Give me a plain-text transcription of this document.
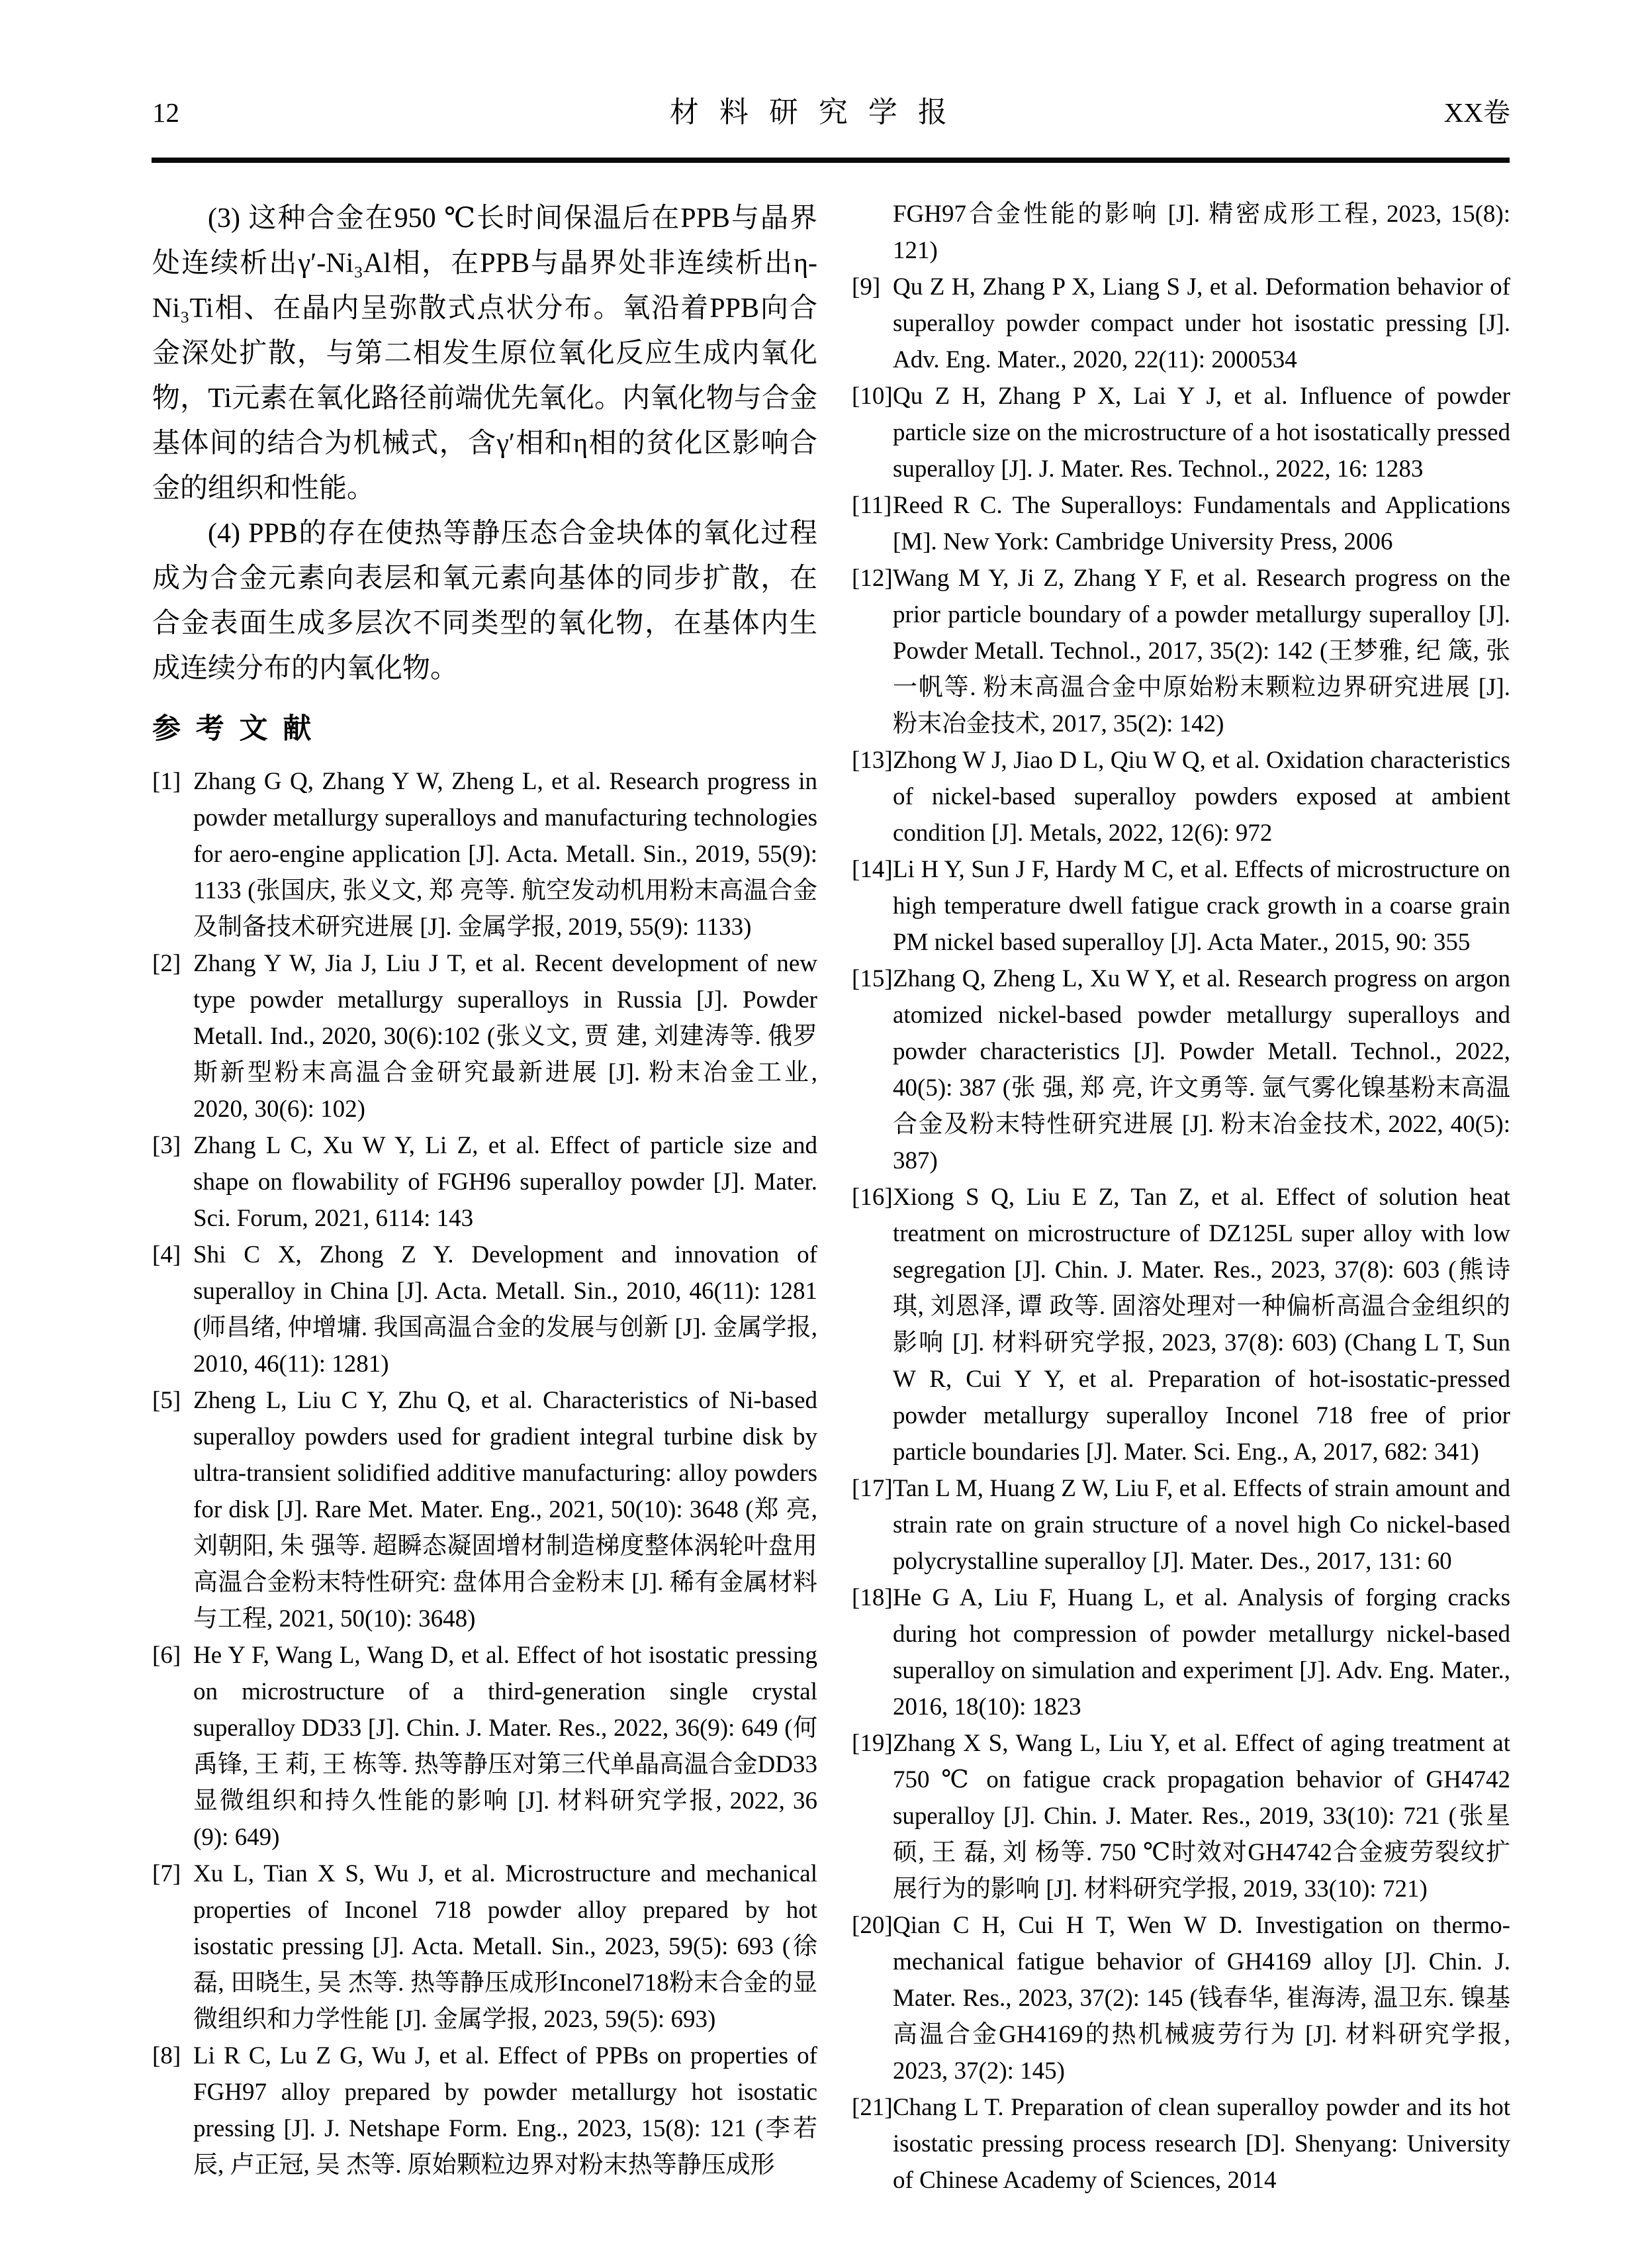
12	材 料 研 究 学 报	XX卷

(3) 这种合金在950 ℃长时间保温后在PPB与晶界处连续析出γ′-Ni₃Al相，在PPB与晶界处非连续析出η-Ni₃Ti相、在晶内呈弥散式点状分布。氧沿着PPB向合金深处扩散，与第二相发生原位氧化反应生成内氧化物，Ti元素在氧化路径前端优先氧化。内氧化物与合金基体间的结合为机械式，含γ′相和η相的贫化区影响合金的组织和性能。

(4) PPB的存在使热等静压态合金块体的氧化过程成为合金元素向表层和氧元素向基体的同步扩散，在合金表面生成多层次不同类型的氧化物，在基体内生成连续分布的内氧化物。

参 考 文 献
[1] Zhang G Q, Zhang Y W, Zheng L, et al. Research progress in powder metallurgy superalloys and manufacturing technologies for aero-engine application [J]. Acta. Metall. Sin., 2019, 55(9): 1133 (张国庆, 张义文, 郑 亮等. 航空发动机用粉末高温合金及制备技术研究进展 [J]. 金属学报, 2019, 55(9): 1133)
[2] Zhang Y W, Jia J, Liu J T, et al. Recent development of new type powder metallurgy superalloys in Russia [J]. Powder Metall. Ind., 2020, 30(6):102 (张义文, 贾 建, 刘建涛等. 俄罗斯新型粉末高温合金研究最新进展 [J]. 粉末冶金工业, 2020, 30(6): 102)
[3] Zhang L C, Xu W Y, Li Z, et al. Effect of particle size and shape on flowability of FGH96 superalloy powder [J]. Mater. Sci. Forum, 2021, 6114: 143
[4] Shi C X, Zhong Z Y. Development and innovation of superalloy in China [J]. Acta. Metall. Sin., 2010, 46(11): 1281 (师昌绪, 仲增墉. 我国高温合金的发展与创新 [J]. 金属学报, 2010, 46(11): 1281)
[5] Zheng L, Liu C Y, Zhu Q, et al. Characteristics of Ni-based superalloy powders used for gradient integral turbine disk by ultra-transient solidified additive manufacturing: alloy powders for disk [J]. Rare Met. Mater. Eng., 2021, 50(10): 3648 (郑 亮, 刘朝阳, 朱 强等. 超瞬态凝固增材制造梯度整体涡轮叶盘用高温合金粉末特性研究: 盘体用合金粉末 [J]. 稀有金属材料与工程, 2021, 50(10): 3648)
[6] He Y F, Wang L, Wang D, et al. Effect of hot isostatic pressing on microstructure of a third-generation single crystal superalloy DD33 [J]. Chin. J. Mater. Res., 2022, 36(9): 649 (何禹锋, 王 莉, 王 栋等. 热等静压对第三代单晶高温合金DD33显微组织和持久性能的影响 [J]. 材料研究学报, 2022, 36 (9): 649)
[7] Xu L, Tian X S, Wu J, et al. Microstructure and mechanical properties of Inconel 718 powder alloy prepared by hot isostatic pressing [J]. Acta. Metall. Sin., 2023, 59(5): 693 (徐 磊, 田晓生, 吴 杰等. 热等静压成形Inconel718粉末合金的显微组织和力学性能 [J]. 金属学报, 2023, 59(5): 693)
[8] Li R C, Lu Z G, Wu J, et al. Effect of PPBs on properties of FGH97 alloy prepared by powder metallurgy hot isostatic pressing [J]. J. Netshape Form. Eng., 2023, 15(8): 121 (李若辰, 卢正冠, 吴 杰等. 原始颗粒边界对粉末热等静压成形
FGH97合金性能的影响 [J]. 精密成形工程, 2023, 15(8): 121)
[9] Qu Z H, Zhang P X, Liang S J, et al. Deformation behavior of superalloy powder compact under hot isostatic pressing [J]. Adv. Eng. Mater., 2020, 22(11): 2000534
[10]Qu Z H, Zhang P X, Lai Y J, et al. Influence of powder particle size on the microstructure of a hot isostatically pressed superalloy [J]. J. Mater. Res. Technol., 2022, 16: 1283
[11]Reed R C. The Superalloys: Fundamentals and Applications [M]. New York: Cambridge University Press, 2006
[12]Wang M Y, Ji Z, Zhang Y F, et al. Research progress on the prior particle boundary of a powder metallurgy superalloy [J]. Powder Metall. Technol., 2017, 35(2): 142 (王梦雅, 纪 箴, 张一帆等. 粉末高温合金中原始粉末颗粒边界研究进展 [J]. 粉末冶金技术, 2017, 35(2): 142)
[13]Zhong W J, Jiao D L, Qiu W Q, et al. Oxidation characteristics of nickel-based superalloy powders exposed at ambient condition [J]. Metals, 2022, 12(6): 972
[14]Li H Y, Sun J F, Hardy M C, et al. Effects of microstructure on high temperature dwell fatigue crack growth in a coarse grain PM nickel based superalloy [J]. Acta Mater., 2015, 90: 355
[15]Zhang Q, Zheng L, Xu W Y, et al. Research progress on argon atomized nickel-based powder metallurgy superalloys and powder characteristics [J]. Powder Metall. Technol., 2022, 40(5): 387 (张 强, 郑 亮, 许文勇等. 氩气雾化镍基粉末高温合金及粉末特性研究进展 [J]. 粉末冶金技术, 2022, 40(5): 387)
[16]Xiong S Q, Liu E Z, Tan Z, et al. Effect of solution heat treatment on microstructure of DZ125L super alloy with low segregation [J]. Chin. J. Mater. Res., 2023, 37(8): 603 (熊诗琪, 刘恩泽, 谭 政等. 固溶处理对一种偏析高温合金组织的影响 [J]. 材料研究学报, 2023, 37(8): 603) (Chang L T, Sun W R, Cui Y Y, et al. Preparation of hot-isostatic-pressed powder metallurgy superalloy Inconel 718 free of prior particle boundaries [J]. Mater. Sci. Eng., A, 2017, 682: 341)
[17]Tan L M, Huang Z W, Liu F, et al. Effects of strain amount and strain rate on grain structure of a novel high Co nickel-based polycrystalline superalloy [J]. Mater. Des., 2017, 131: 60
[18]He G A, Liu F, Huang L, et al. Analysis of forging cracks during hot compression of powder metallurgy nickel-based superalloy on simulation and experiment [J]. Adv. Eng. Mater., 2016, 18(10): 1823
[19]Zhang X S, Wang L, Liu Y, et al. Effect of aging treatment at 750 ℃ on fatigue crack propagation behavior of GH4742 superalloy [J]. Chin. J. Mater. Res., 2019, 33(10): 721 (张星硕, 王 磊, 刘 杨等. 750 ℃时效对GH4742合金疲劳裂纹扩展行为的影响 [J]. 材料研究学报, 2019, 33(10): 721)
[20]Qian C H, Cui H T, Wen W D. Investigation on thermo-mechanical fatigue behavior of GH4169 alloy [J]. Chin. J. Mater. Res., 2023, 37(2): 145 (钱春华, 崔海涛, 温卫东. 镍基高温合金GH4169的热机械疲劳行为 [J]. 材料研究学报, 2023, 37(2): 145)
[21]Chang L T. Preparation of clean superalloy powder and its hot isostatic pressing process research [D]. Shenyang: University of Chinese Academy of Sciences, 2014
